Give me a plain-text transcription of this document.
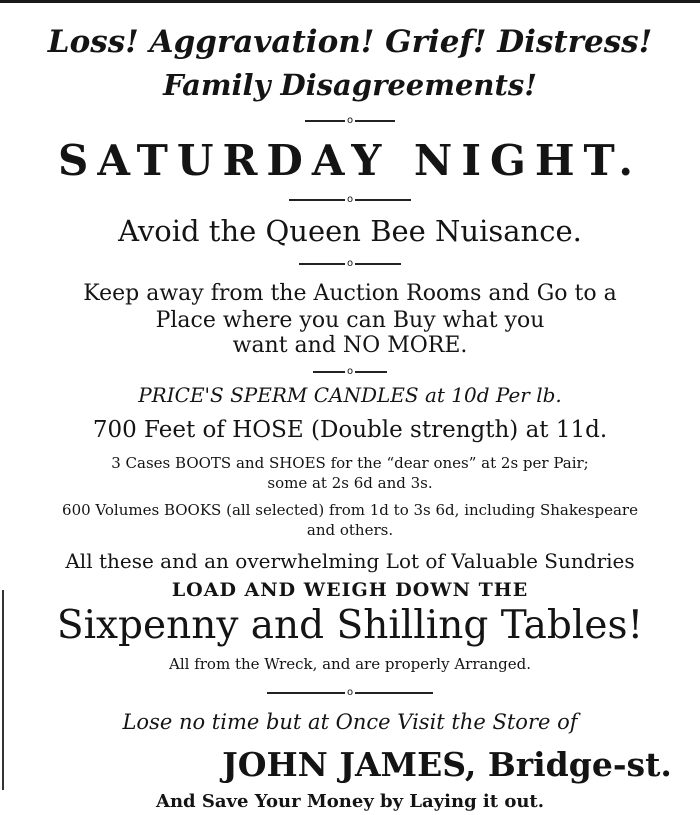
Loss! Aggravation! Grief! Distress!
Family Disagreements!
o
SATURDAY NIGHT.
o
Avoid the Queen Bee Nuisance.
o
Keep away from the Auction Rooms and Go to a
Place where you can Buy what you
want and NO MORE.
o
PRICE'S SPERM CANDLES at 10d Per lb.
700 Feet of HOSE (Double strength) at 11d.
3 Cases BOOTS and SHOES for the “dear ones” at 2s per Pair;
some at 2s 6d and 3s.
600 Volumes BOOKS (all selected) from 1d to 3s 6d, including Shakespeare
and others.
All these and an overwhelming Lot of Valuable Sundries
LOAD AND WEIGH DOWN THE
Sixpenny and Shilling Tables!
All from the Wreck, and are properly Arranged.
o
Lose no time but at Once Visit the Store of
JOHN JAMES, Bridge-st.
And Save Your Money by Laying it out.
